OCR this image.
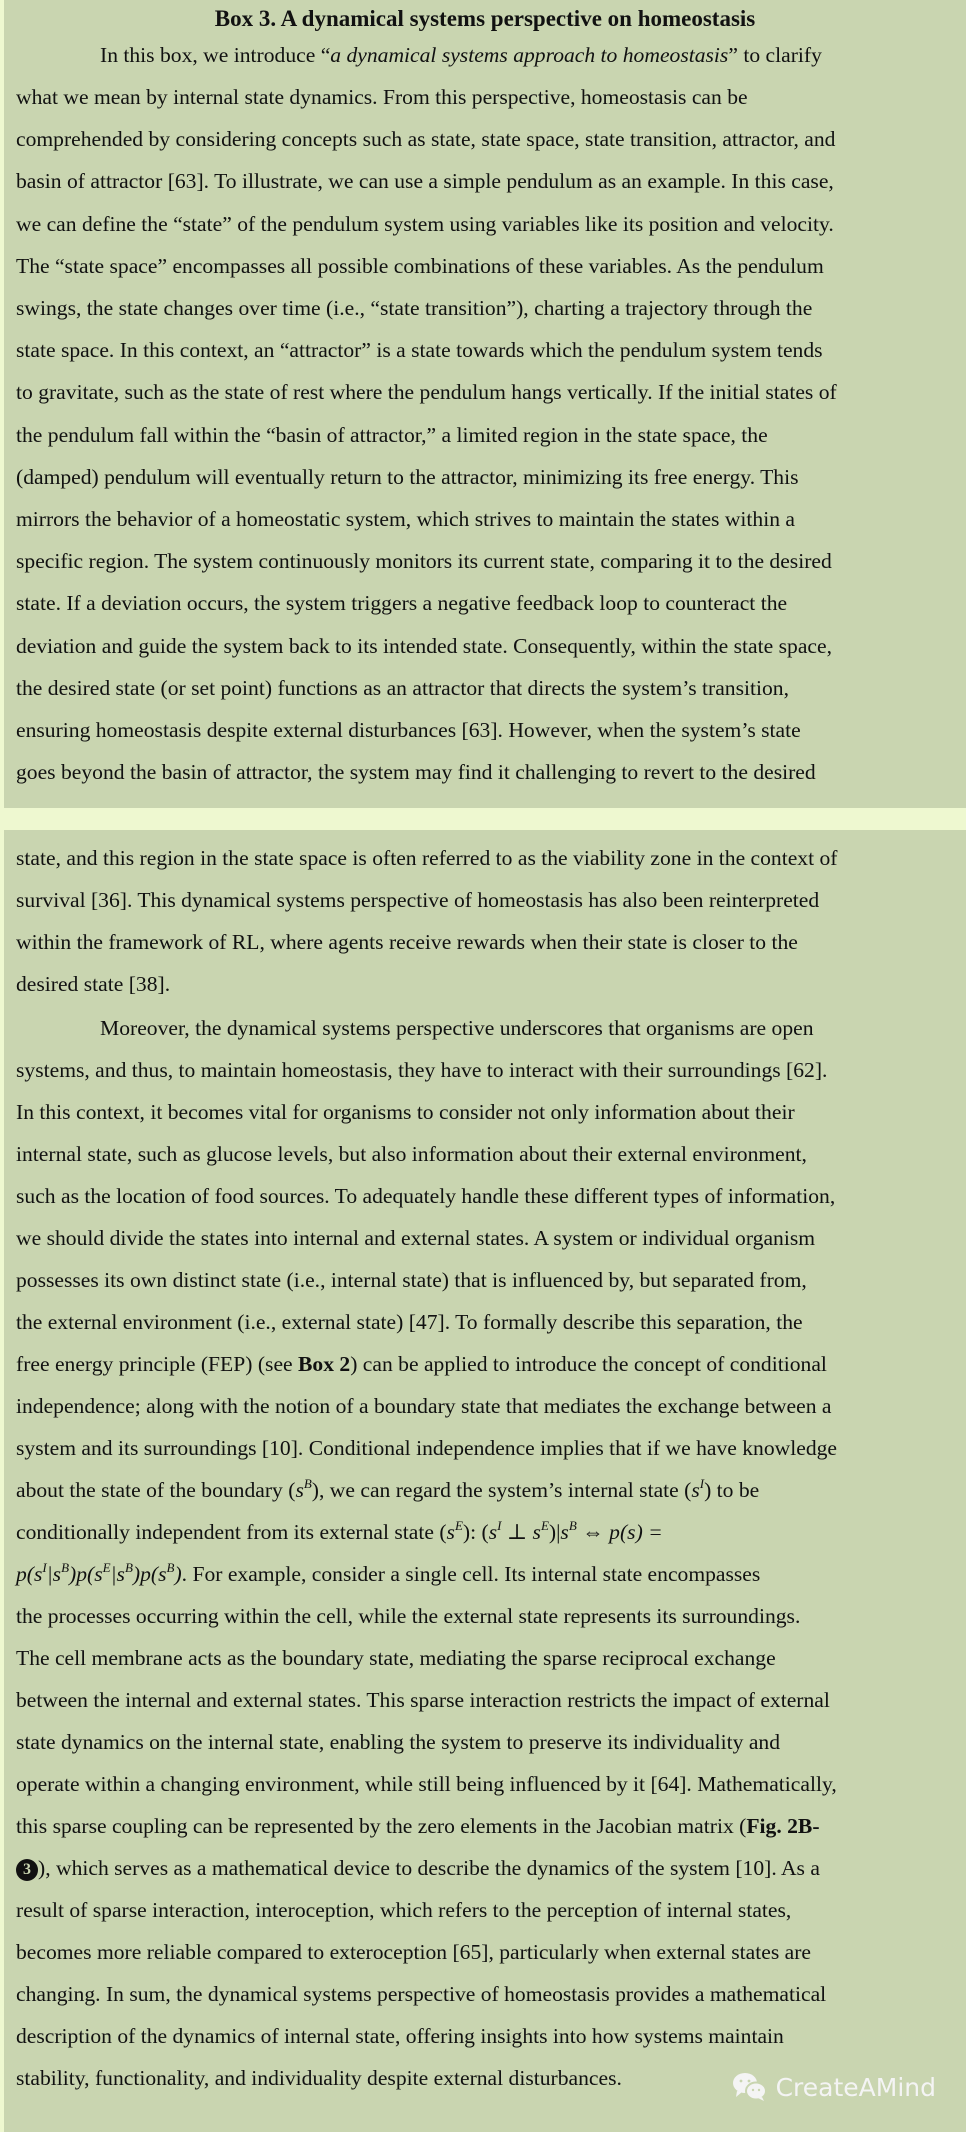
Box 3. A dynamical systems perspective on homeostasis
In this box, we introduce “a dynamical systems approach to homeostasis” to clarify
what we mean by internal state dynamics. From this perspective, homeostasis can be
comprehended by considering concepts such as state, state space, state transition, attractor, and
basin of attractor [63]. To illustrate, we can use a simple pendulum as an example. In this case,
we can define the “state” of the pendulum system using variables like its position and velocity.
The “state space” encompasses all possible combinations of these variables. As the pendulum
swings, the state changes over time (i.e., “state transition”), charting a trajectory through the
state space. In this context, an “attractor” is a state towards which the pendulum system tends
to gravitate, such as the state of rest where the pendulum hangs vertically. If the initial states of
the pendulum fall within the “basin of attractor,” a limited region in the state space, the
(damped) pendulum will eventually return to the attractor, minimizing its free energy. This
mirrors the behavior of a homeostatic system, which strives to maintain the states within a
specific region. The system continuously monitors its current state, comparing it to the desired
state. If a deviation occurs, the system triggers a negative feedback loop to counteract the
deviation and guide the system back to its intended state. Consequently, within the state space,
the desired state (or set point) functions as an attractor that directs the system’s transition,
ensuring homeostasis despite external disturbances [63]. However, when the system’s state
goes beyond the basin of attractor, the system may find it challenging to revert to the desired
state, and this region in the state space is often referred to as the viability zone in the context of
survival [36]. This dynamical systems perspective of homeostasis has also been reinterpreted
within the framework of RL, where agents receive rewards when their state is closer to the
desired state [38].
Moreover, the dynamical systems perspective underscores that organisms are open
systems, and thus, to maintain homeostasis, they have to interact with their surroundings [62].
In this context, it becomes vital for organisms to consider not only information about their
internal state, such as glucose levels, but also information about their external environment,
such as the location of food sources. To adequately handle these different types of information,
we should divide the states into internal and external states. A system or individual organism
possesses its own distinct state (i.e., internal state) that is influenced by, but separated from,
the external environment (i.e., external state) [47]. To formally describe this separation, the
free energy principle (FEP) (see Box 2) can be applied to introduce the concept of conditional
independence; along with the notion of a boundary state that mediates the exchange between a
system and its surroundings [10]. Conditional independence implies that if we have knowledge
about the state of the boundary $(s^B)$, we can regard the system’s internal state $(s^I)$ to be
conditionally independent from its external state $(s^E)$: ($s^I$ ⊥ $s^E)|s^B$ ⇔ p(s) =
$p(s^I|s^B)p(s^E|s^B)p(s^B)$. For example, consider a single cell. Its internal state encompasses
the processes occurring within the cell, while the external state represents its surroundings.
The cell membrane acts as the boundary state, mediating the sparse reciprocal exchange
between the internal and external states. This sparse interaction restricts the impact of external
state dynamics on the internal state, enabling the system to preserve its individuality and
operate within a changing environment, while still being influenced by it [64]. Mathematically,
this sparse coupling can be represented by the zero elements in the Jacobian matrix (Fig. 2B-
3 ), which serves as a mathematical device to describe the dynamics of the system [10]. As a
result of sparse interaction, interoception, which refers to the perception of internal states,
becomes more reliable compared to exteroception [65], particularly when external states are
changing. In sum, the dynamical systems perspective of homeostasis provides a mathematical
description of the dynamics of internal state, offering insights into how systems maintain
stability, functionality, and individuality despite external disturbances.	CreateAMind
